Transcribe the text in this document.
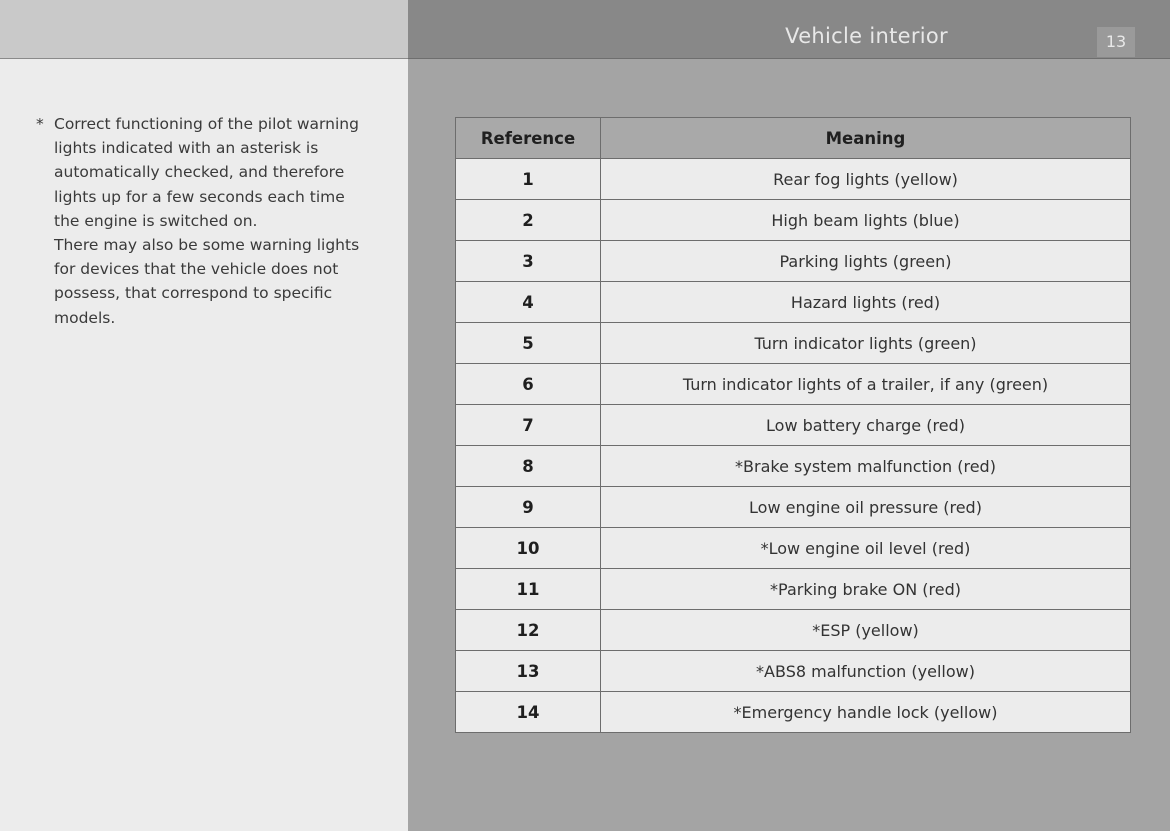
* Correct functioning of the pilot warning lights indicated with an asterisk is automatically checked, and therefore lights up for a few seconds each time the engine is switched on.

There may also be some warning lights for devices that the vehicle does not possess, that correspond to specific models.

Vehicle interior	13
Reference	Meaning
1	Rear fog lights (yellow)
2	High beam lights (blue)
3	Parking lights (green)
4	Hazard lights (red)
5	Turn indicator lights (green)
6	Turn indicator lights of a trailer, if any (green)
7	Low battery charge (red)
8	*Brake system malfunction (red)
9	Low engine oil pressure (red)
10	*Low engine oil level (red)
11	*Parking brake ON (red)
12	*ESP (yellow)
13	*ABS8 malfunction (yellow)
14	*Emergency handle lock (yellow)
